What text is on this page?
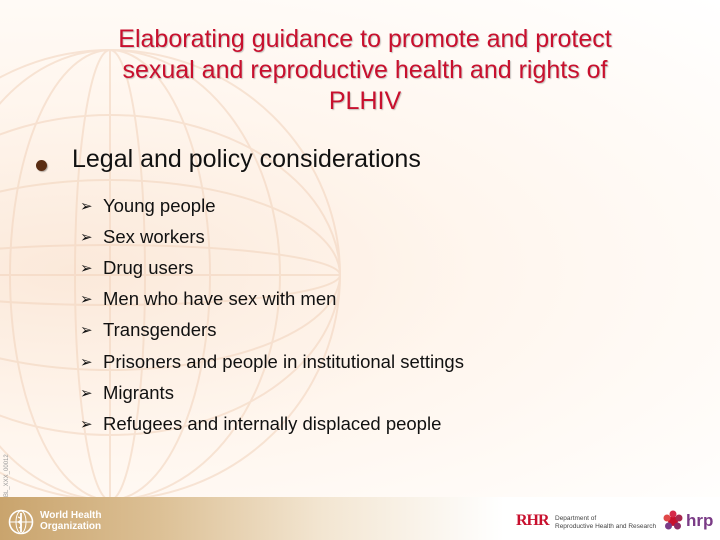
Elaborating guidance to promote and protect
sexual and reproductive health and rights of
PLHIV
Legal and policy considerations
➢ Young people
➢ Sex workers
➢ Drug users
➢ Men who have sex with men
➢ Transgenders
➢ Prisoners and people in institutional settings
➢ Migrants
➢ Refugees and internally displaced people
BL_XXX_00012
World Health
Organization	RHR Department of
Reproductive Health and Research hrp
